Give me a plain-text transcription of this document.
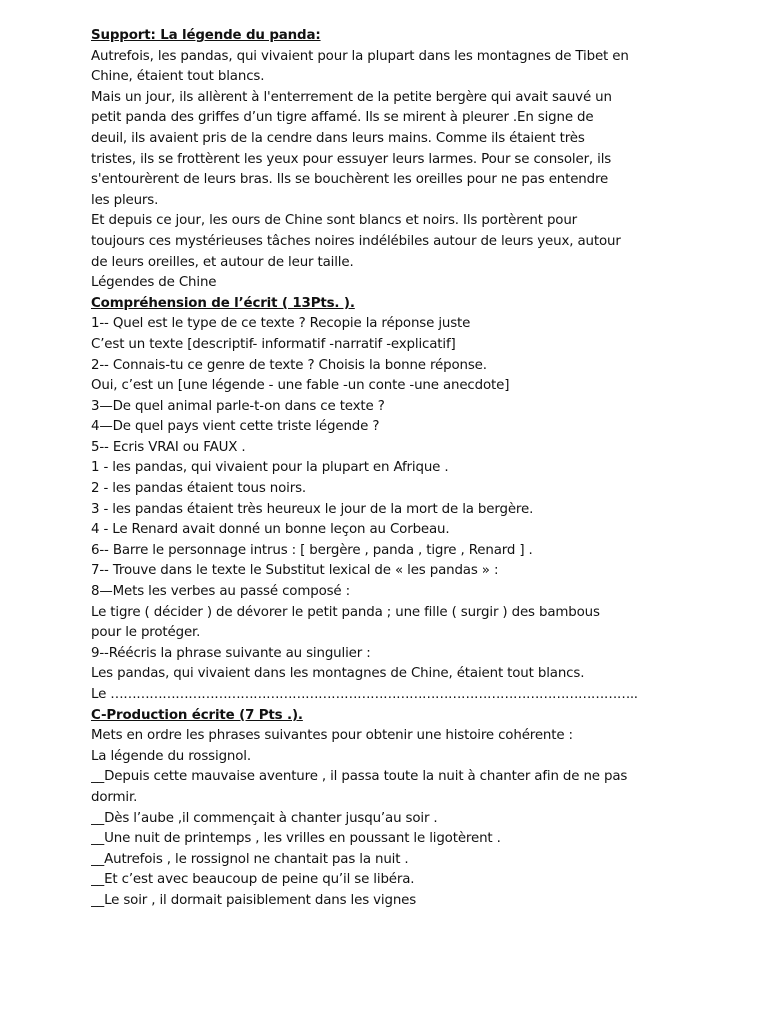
Support: La légende du panda:
Autrefois, les pandas, qui vivaient pour la plupart dans les montagnes de Tibet en
Chine, étaient tout blancs.
Mais un jour, ils allèrent à l'enterrement de la petite bergère qui avait sauvé un
petit panda des griffes d’un tigre affamé. Ils se mirent à pleurer .En signe de
deuil, ils avaient pris de la cendre dans leurs mains. Comme ils étaient très
tristes, ils se frottèrent les yeux pour essuyer leurs larmes. Pour se consoler, ils
s'entourèrent de leurs bras. Ils se bouchèrent les oreilles pour ne pas entendre
les pleurs.
Et depuis ce jour, les ours de Chine sont blancs et noirs. Ils portèrent pour
toujours ces mystérieuses tâches noires indélébiles autour de leurs yeux, autour
de leurs oreilles, et autour de leur taille.
Légendes de Chine
Compréhension de l’écrit ( 13Pts. ).
1-- Quel est le type de ce texte ? Recopie la réponse juste
C’est un texte [descriptif- informatif -narratif -explicatif]
2-- Connais-tu ce genre de texte ? Choisis la bonne réponse.
Oui, c’est un [une légende - une fable -un conte -une anecdote]
3—De quel animal parle-t-on dans ce texte ?
4—De quel pays vient cette triste légende ?
5-- Ecris VRAI ou FAUX .
1 - les pandas, qui vivaient pour la plupart en Afrique .
2 - les pandas étaient tous noirs.
3 - les pandas étaient très heureux le jour de la mort de la bergère.
4 - Le Renard avait donné un bonne leçon au Corbeau.
6-- Barre le personnage intrus : [ bergère , panda , tigre , Renard ] .
7-- Trouve dans le texte le Substitut lexical de « les pandas » :
8—Mets les verbes au passé composé :
Le tigre ( décider ) de dévorer le petit panda ; une fille ( surgir ) des bambous
pour le protéger.
9--Réécris la phrase suivante au singulier :
Les pandas, qui vivaient dans les montagnes de Chine, étaient tout blancs.
Le …………………………………………………………………………………………………………..
C-Production écrite (7 Pts .).
Mets en ordre les phrases suivantes pour obtenir une histoire cohérente :
La légende du rossignol.
__Depuis cette mauvaise aventure , il passa toute la nuit à chanter afin de ne pas
dormir.
__Dès l’aube ,il commençait à chanter jusqu’au soir .
__Une nuit de printemps , les vrilles en poussant le ligotèrent .
__Autrefois , le rossignol ne chantait pas la nuit .
__Et c’est avec beaucoup de peine qu’il se libéra.
__Le soir , il dormait paisiblement dans les vignes
